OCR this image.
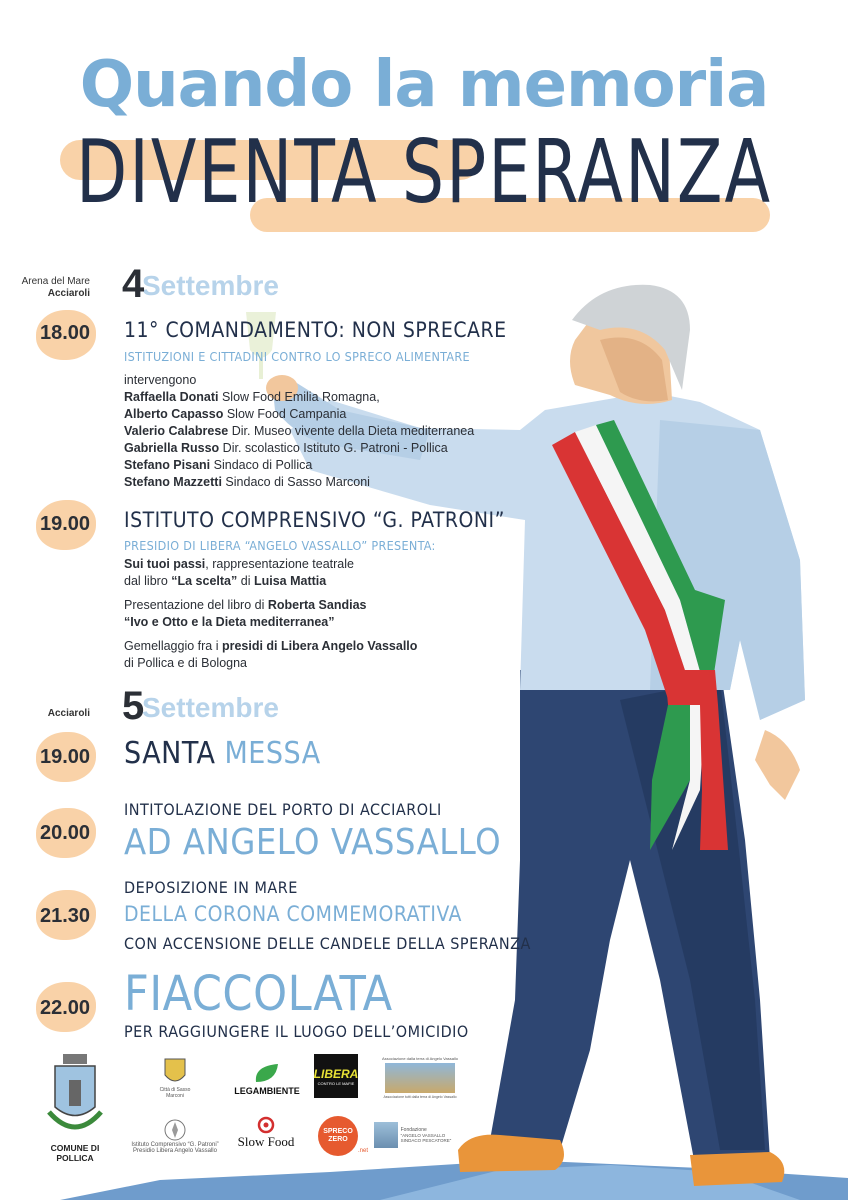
Quando la memoria
DIVENTA SPERANZA
Arena del Mare
Acciaroli Settembre
4
18.00 11° COMANDAMENTO: NON SPRECARE
ISTITUZIONI E CITTADINI CONTRO LO SPRECO ALIMENTARE
intervengono
Raffaella Donati Slow Food Emilia Romagna,
Alberto Capasso Slow Food Campania
Valerio Calabrese Dir. Museo vivente della Dieta mediterranea
Gabriella Russo Dir. scolastico Istituto G. Patroni - Pollica
Stefano Pisani Sindaco di Pollica
Stefano Mazzetti Sindaco di Sasso Marconi
19.00 ISTITUTO COMPRENSIVO “G. PATRONI”
PRESIDIO DI LIBERA “ANGELO VASSALLO” PRESENTA:
Sui tuoi passi, rappresentazione teatrale
dal libro “La scelta” di Luisa Mattia
Presentazione del libro di Roberta Sandias
“Ivo e Otto e la Dieta mediterranea”
Gemellaggio fra i presidi di Libera Angelo Vassallo
di Pollica e di Bologna
Acciaroli Settembre
5
19.00 SANTA MESSA
20.00
INTITOLAZIONE DEL PORTO DI ACCIAROLI
AD ANGELO VASSALLO
21.30
DEPOSIZIONE IN MARE
DELLA CORONA COMMEMORATIVA
CON ACCENSIONE DELLE CANDELE DELLA SPERANZA
22.00 FIACCOLATA
PER RAGGIUNGERE IL LUOGO DELL’OMICIDIO
COMUNE DI POLLICA
Città di Sasso Marconi	LEGAMBIENTE
LIBERA
CONTRO LE MAFIE
Associazione dalla terra di Angelo Vassallo
Associazione tutti dalla terra di Angelo Vassallo
Istituto Comprensivo “G. Patroni”
Presidio Libera Angelo Vassallo
Slow Food
SPRECO ZERO
.net
Fondazione
“ANGELO VASSALLO SINDACO PESCATORE”
